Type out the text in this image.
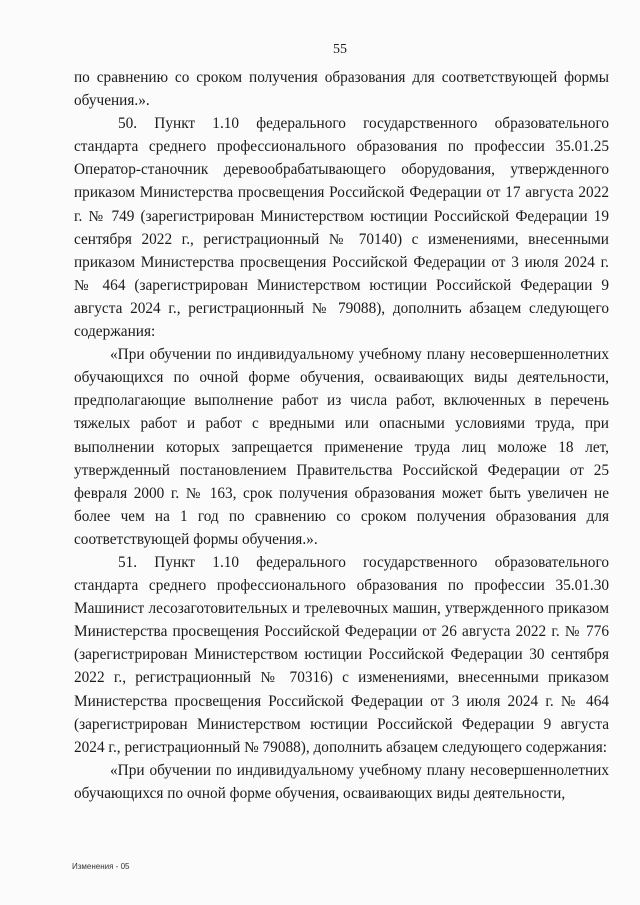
55

по сравнению со сроком получения образования для соответствующей формы обучения.».

50. Пункт 1.10 федерального государственного образовательного стандарта среднего профессионального образования по профессии 35.01.25 Оператор-станочник деревообрабатывающего оборудования, утвержденного приказом Министерства просвещения Российской Федерации от 17 августа 2022 г. № 749 (зарегистрирован Министерством юстиции Российской Федерации 19 сентября 2022 г., регистрационный № 70140) с изменениями, внесенными приказом Министерства просвещения Российской Федерации от 3 июля 2024 г. № 464 (зарегистрирован Министерством юстиции Российской Федерации 9 августа 2024 г., регистрационный № 79088), дополнить абзацем следующего содержания:

«При обучении по индивидуальному учебному плану несовершеннолетних обучающихся по очной форме обучения, осваивающих виды деятельности, предполагающие выполнение работ из числа работ, включенных в перечень тяжелых работ и работ с вредными или опасными условиями труда, при выполнении которых запрещается применение труда лиц моложе 18 лет, утвержденный постановлением Правительства Российской Федерации от 25 февраля 2000 г. № 163, срок получения образования может быть увеличен не более чем на 1 год по сравнению со сроком получения образования для соответствующей формы обучения.».

51. Пункт 1.10 федерального государственного образовательного стандарта среднего профессионального образования по профессии 35.01.30 Машинист лесозаготовительных и трелевочных машин, утвержденного приказом Министерства просвещения Российской Федерации от 26 августа 2022 г. № 776 (зарегистрирован Министерством юстиции Российской Федерации 30 сентября 2022 г., регистрационный № 70316) с изменениями, внесенными приказом Министерства просвещения Российской Федерации от 3 июля 2024 г. № 464 (зарегистрирован Министерством юстиции Российской Федерации 9 августа 2024 г., регистрационный № 79088), дополнить абзацем следующего содержания:

«При обучении по индивидуальному учебному плану несовершеннолетних обучающихся по очной форме обучения, осваивающих виды деятельности,

Изменения - 05
